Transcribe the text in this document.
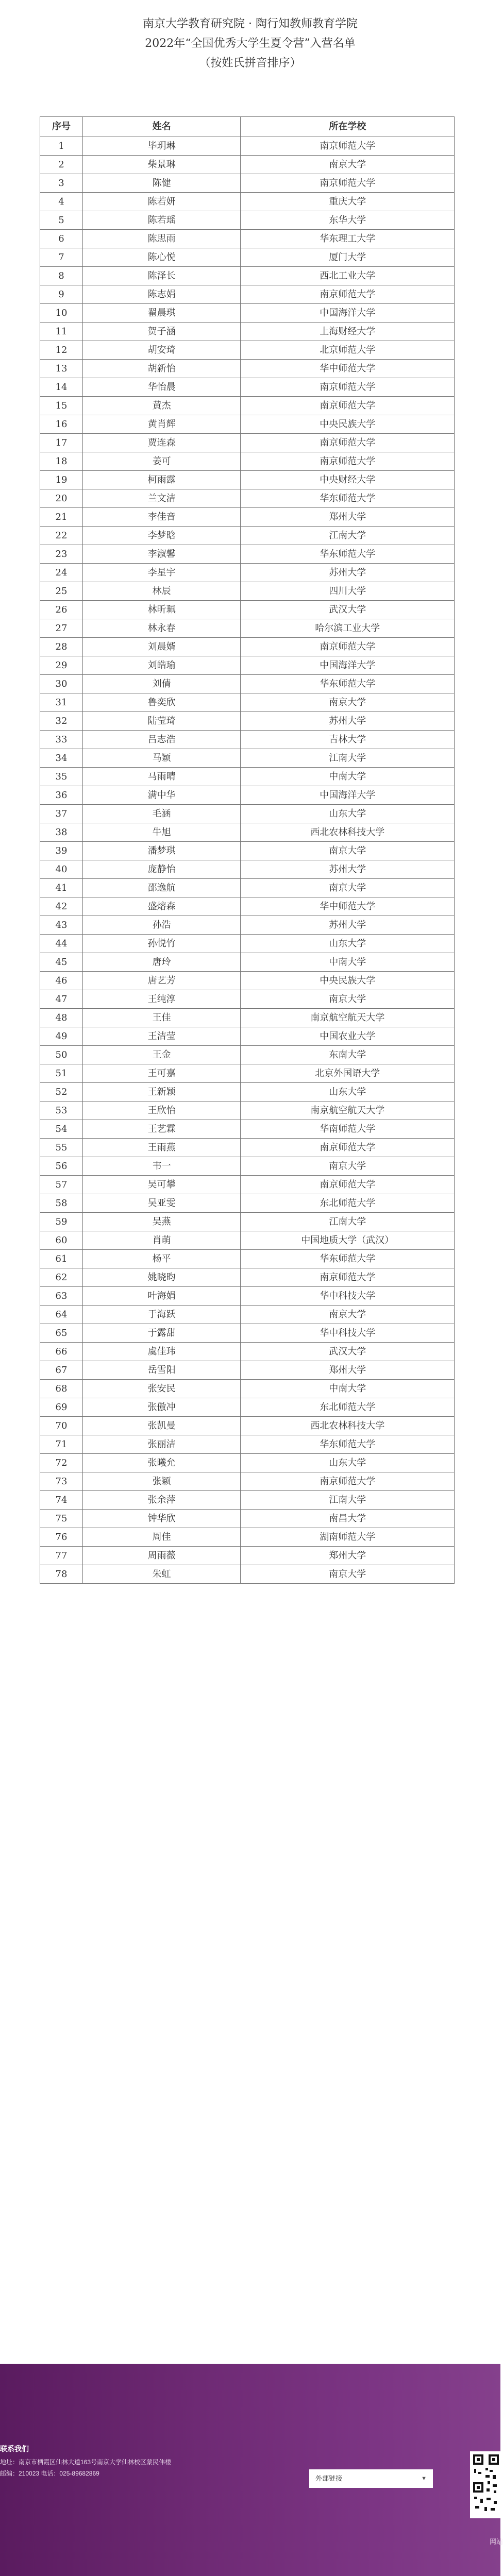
南京大学教育研究院 · 陶行知教师教育学院
2022年“全国优秀大学生夏令营”入营名单
（按姓氏拼音排序）
序号	姓名	所在学校
1	毕玥琳	南京师范大学
2	柴景琳	南京大学
3	陈健	南京师范大学
4	陈若妍	重庆大学
5	陈若瑶	东华大学
6	陈思雨	华东理工大学
7	陈心悦	厦门大学
8	陈泽长	西北工业大学
9	陈志娟	南京师范大学
10	翟晨琪	中国海洋大学
11	贺子涵	上海财经大学
12	胡安琦	北京师范大学
13	胡新怡	华中师范大学
14	华怡晨	南京师范大学
15	黄杰	南京师范大学
16	黄肖辉	中央民族大学
17	贾连森	南京师范大学
18	姜可	南京师范大学
19	柯雨露	中央财经大学
20	兰文洁	华东师范大学
21	李佳音	郑州大学
22	李梦晗	江南大学
23	李淑馨	华东师范大学
24	李星宇	苏州大学
25	林辰	四川大学
26	林昕珮	武汉大学
27	林永春	哈尔滨工业大学
28	刘晨婿	南京师范大学
29	刘皓瑜	中国海洋大学
30	刘倩	华东师范大学
31	鲁奕欣	南京大学
32	陆莹琦	苏州大学
33	吕志浩	吉林大学
34	马颖	江南大学
35	马雨晴	中南大学
36	满中华	中国海洋大学
37	毛涵	山东大学
38	牛旭	西北农林科技大学
39	潘梦琪	南京大学
40	庞静怡	苏州大学
41	邵逸航	南京大学
42	盛熔森	华中师范大学
43	孙浩	苏州大学
44	孙悦竹	山东大学
45	唐玲	中南大学
46	唐艺芳	中央民族大学
47	王纯淳	南京大学
48	王佳	南京航空航天大学
49	王洁莹	中国农业大学
50	王金	东南大学
51	王可嘉	北京外国语大学
52	王新颖	山东大学
53	王欣怡	南京航空航天大学
54	王艺霖	华南师范大学
55	王雨燕	南京师范大学
56	韦一	南京大学
57	吴可攀	南京师范大学
58	吴亚雯	东北师范大学
59	吴燕	江南大学
60	肖萌	中国地质大学（武汉）
61	杨平	华东师范大学
62	姚晓昀	南京师范大学
63	叶海娟	华中科技大学
64	于海跃	南京大学
65	于露甜	华中科技大学
66	虞佳玮	武汉大学
67	岳雪阳	郑州大学
68	张安民	中南大学
69	张傲冲	东北师范大学
70	张凯曼	西北农林科技大学
71	张丽洁	华东师范大学
72	张曦允	山东大学
73	张颖	南京师范大学
74	张余萍	江南大学
75	钟华欣	南昌大学
76	周佳	湖南师范大学
77	周雨薇	郑州大学
78	朱虹	南京大学
联系我们
地址：南京市栖霞区仙林大道163号南京大学仙林校区蒙民伟楼
邮编：210023 电话：025-89682869
外部链接	▼
网站
